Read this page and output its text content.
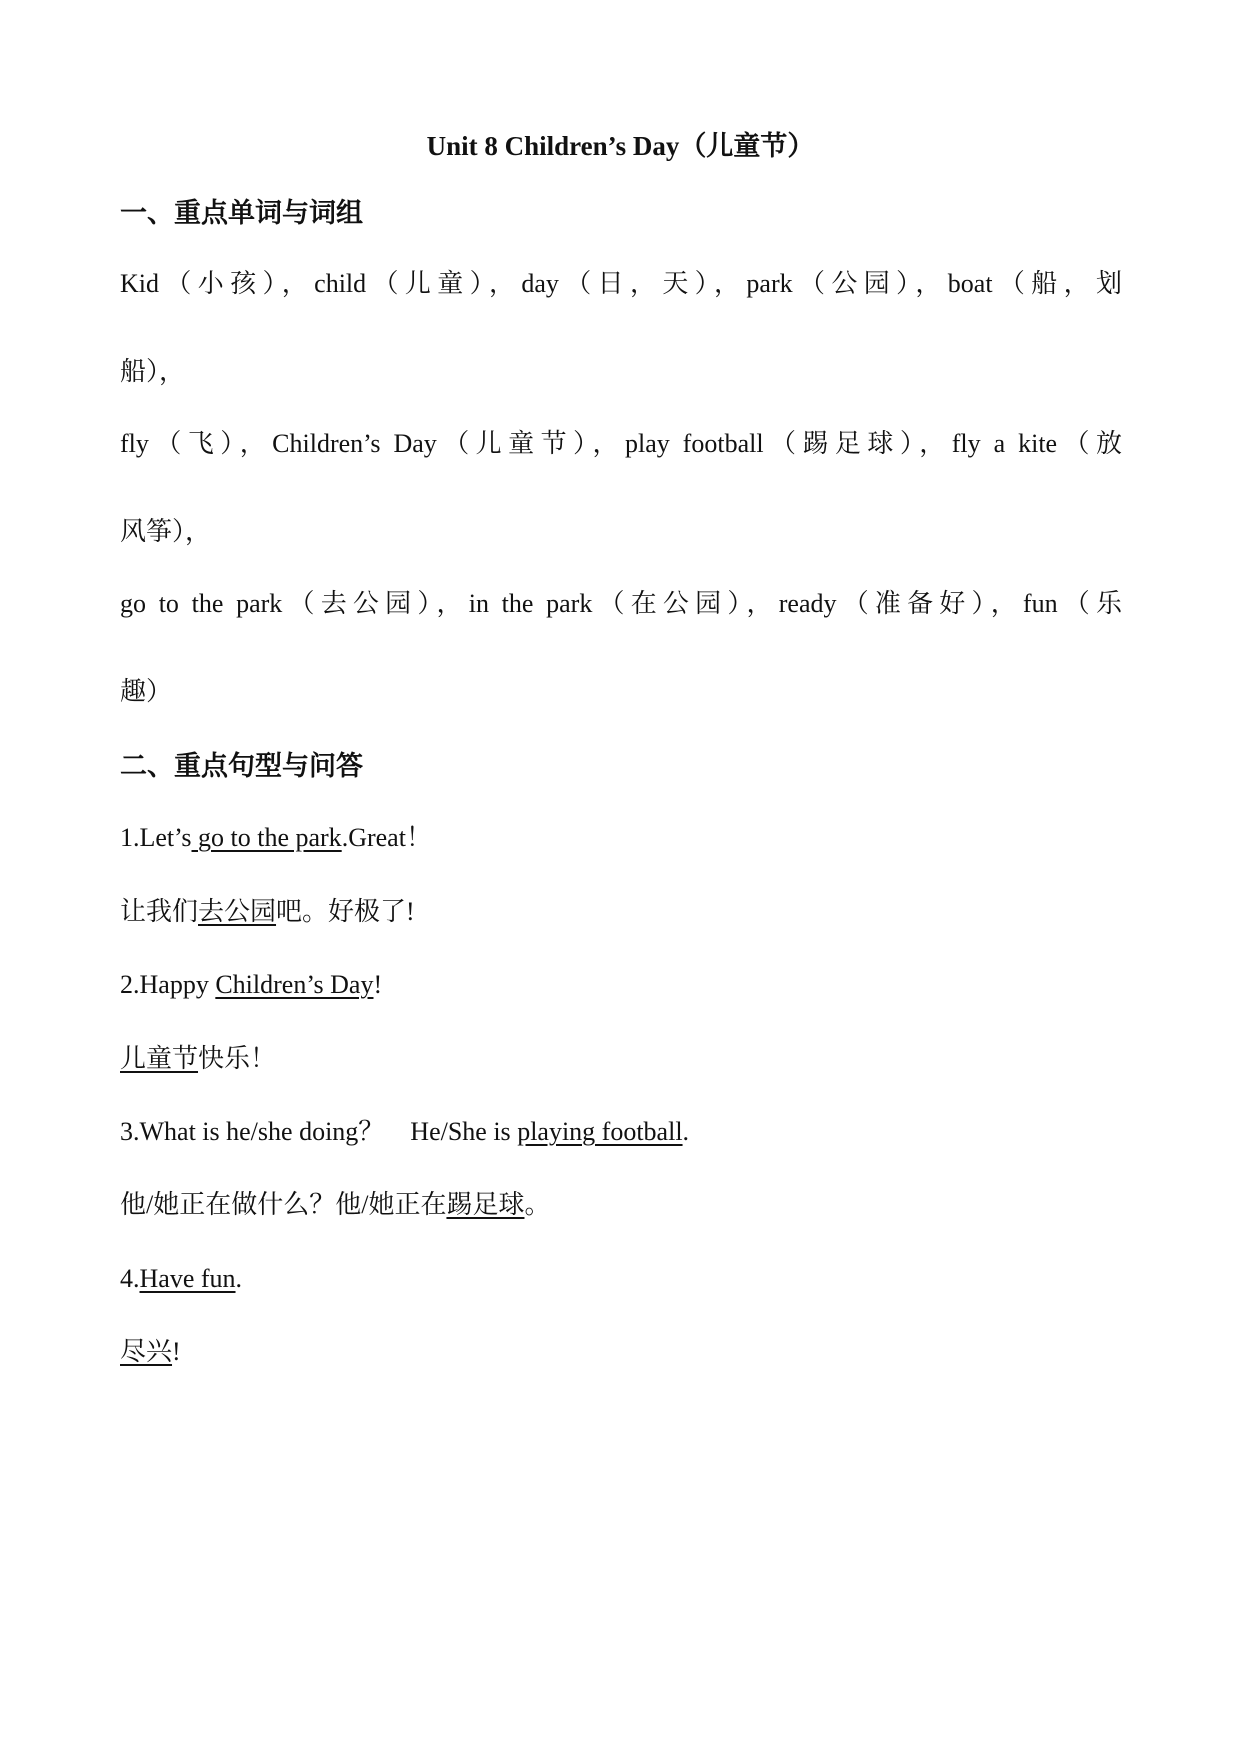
Unit 8 Children’s Day（儿童节）
一、重点单词与词组

Kid（小孩），child（儿童），day（日，天），park（公园），boat（船，划

船），

fly（飞），Children’s Day（儿童节），play football（踢足球），fly a kite（放

风筝），

go to the park（去公园），in the park（在公园），ready（准备好），fun（乐

趣）

二、重点句型与问答

1.Let’s go to the park.Great！

让我们去公园吧。好极了!

2.Happy Children’s Day!

儿童节快乐！

3.What is he/she doing？　He/She is playing football.

他/她正在做什么？他/她正在踢足球。

4.Have fun.

尽兴!
